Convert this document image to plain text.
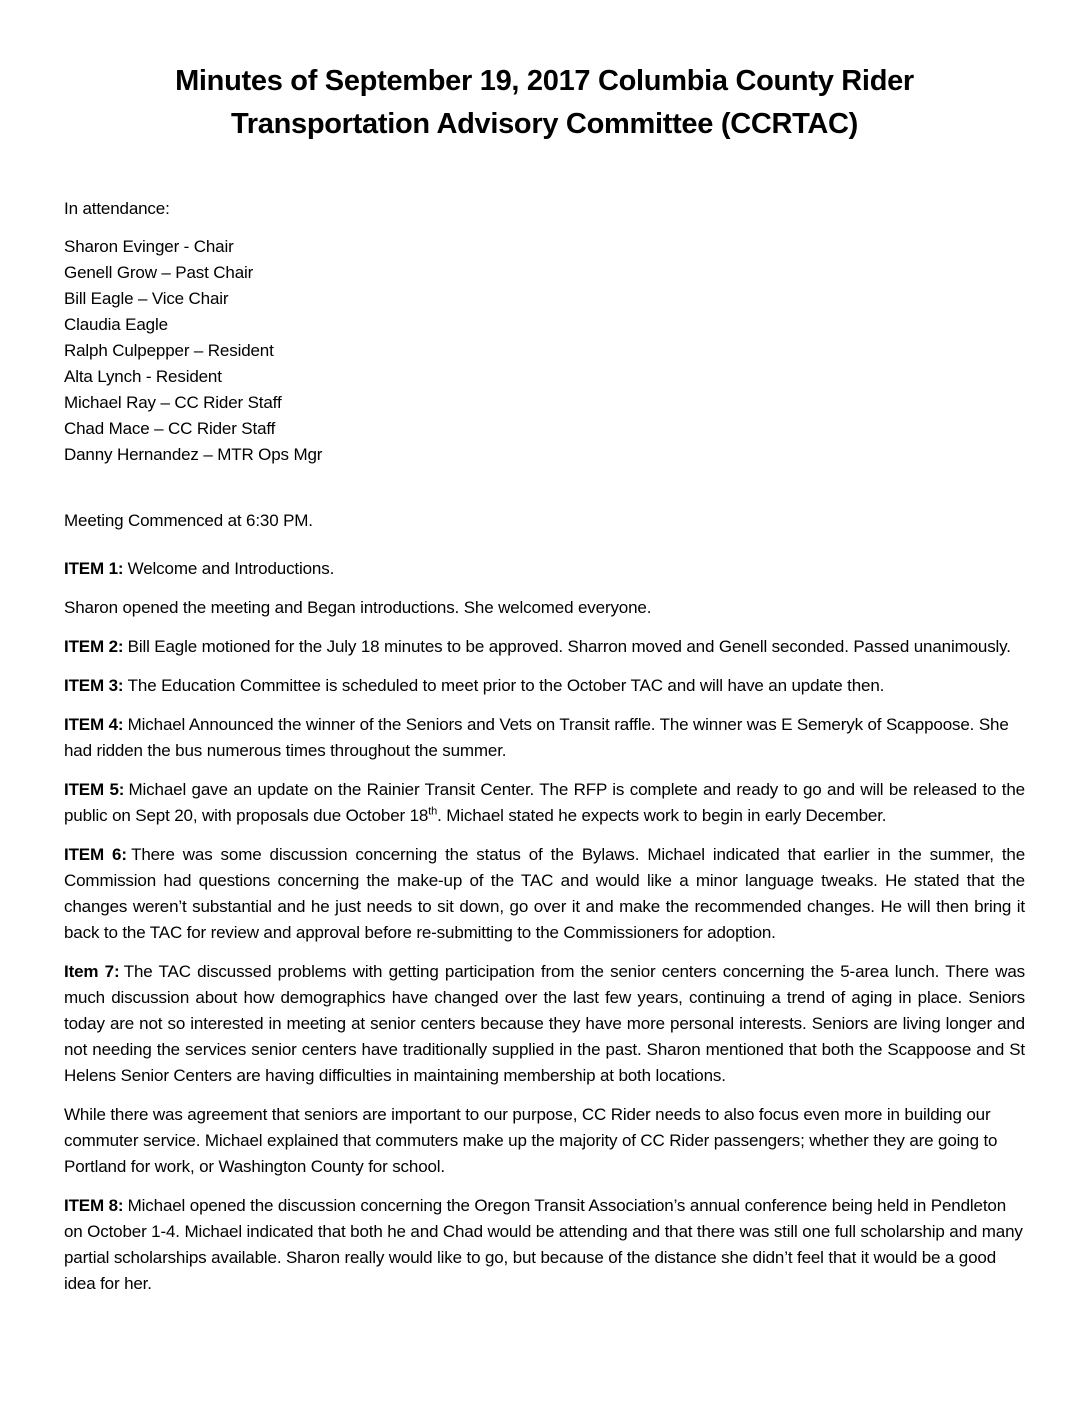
Minutes of September 19, 2017 Columbia County Rider
Transportation Advisory Committee (CCRTAC)
In attendance:
Sharon Evinger - Chair
Genell Grow – Past Chair
Bill Eagle – Vice Chair
Claudia Eagle
Ralph Culpepper – Resident
Alta Lynch - Resident
Michael Ray – CC Rider Staff
Chad Mace – CC Rider Staff
Danny Hernandez – MTR Ops Mgr

Meeting Commenced at 6:30 PM.

ITEM 1: Welcome and Introductions.

Sharon opened the meeting and Began introductions. She welcomed everyone.

ITEM 2: Bill Eagle motioned for the July 18 minutes to be approved. Sharron moved and Genell seconded. Passed unanimously.

ITEM 3: The Education Committee is scheduled to meet prior to the October TAC and will have an update then.

ITEM 4: Michael Announced the winner of the Seniors and Vets on Transit raffle. The winner was E Semeryk of Scappoose. She had ridden the bus numerous times throughout the summer.

ITEM 5: Michael gave an update on the Rainier Transit Center. The RFP is complete and ready to go and will be released to the public on Sept 20, with proposals due October 18th. Michael stated he expects work to begin in early December.

ITEM 6: There was some discussion concerning the status of the Bylaws. Michael indicated that earlier in the summer, the Commission had questions concerning the make-up of the TAC and would like a minor language tweaks. He stated that the changes weren’t substantial and he just needs to sit down, go over it and make the recommended changes. He will then bring it back to the TAC for review and approval before re-submitting to the Commissioners for adoption.

Item 7: The TAC discussed problems with getting participation from the senior centers concerning the 5-area lunch. There was much discussion about how demographics have changed over the last few years, continuing a trend of aging in place. Seniors today are not so interested in meeting at senior centers because they have more personal interests. Seniors are living longer and not needing the services senior centers have traditionally supplied in the past. Sharon mentioned that both the Scappoose and St Helens Senior Centers are having difficulties in maintaining membership at both locations.

While there was agreement that seniors are important to our purpose, CC Rider needs to also focus even more in building our commuter service. Michael explained that commuters make up the majority of CC Rider passengers; whether they are going to Portland for work, or Washington County for school.

ITEM 8: Michael opened the discussion concerning the Oregon Transit Association’s annual conference being held in Pendleton on October 1-4. Michael indicated that both he and Chad would be attending and that there was still one full scholarship and many partial scholarships available. Sharon really would like to go, but because of the distance she didn’t feel that it would be a good idea for her.
